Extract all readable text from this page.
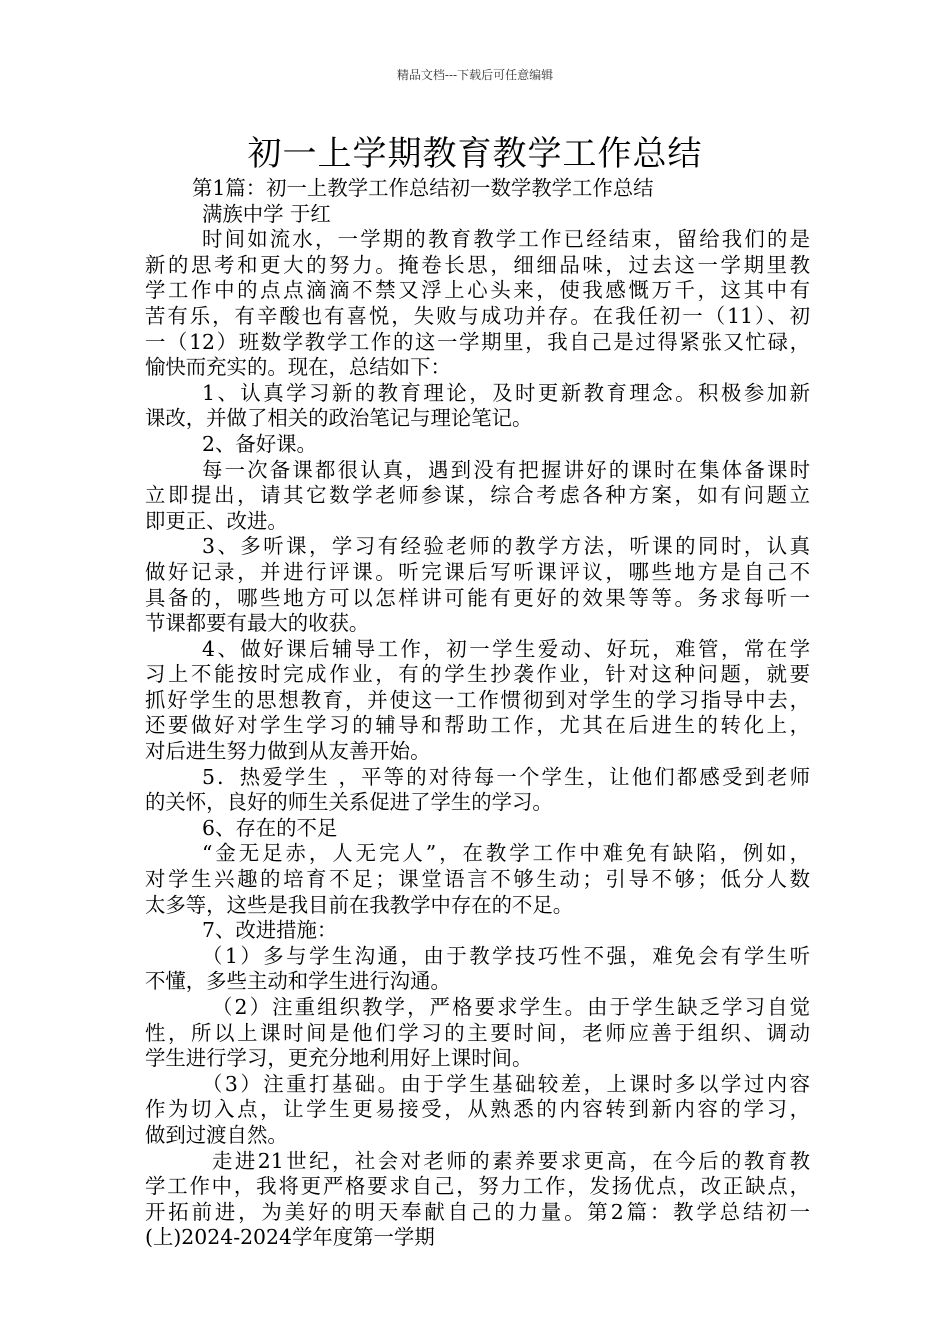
精品文档---下载后可任意编辑
初一上学期教育教学工作总结
第1篇：初一上教学工作总结初一数学教学工作总结
满族中学 于红
时间如流水，一学期的教育教学工作已经结束，留给我们的是
新的思考和更大的努力。掩卷长思，细细品味，过去这一学期里教
学工作中的点点滴滴不禁又浮上心头来，使我感慨万千，这其中有
苦有乐，有辛酸也有喜悦，失败与成功并存。在我任初一（11）、初
一（12）班数学教学工作的这一学期里，我自己是过得紧张又忙碌，
愉快而充实的。现在，总结如下：
1、认真学习新的教育理论，及时更新教育理念。积极参加新
课改，并做了相关的政治笔记与理论笔记。
2、备好课。
每一次备课都很认真，遇到没有把握讲好的课时在集体备课时
立即提出，请其它数学老师参谋，综合考虑各种方案，如有问题立
即更正、改进。
3、多听课，学习有经验老师的教学方法，听课的同时，认真
做好记录，并进行评课。听完课后写听课评议，哪些地方是自己不
具备的，哪些地方可以怎样讲可能有更好的效果等等。务求每听一
节课都要有最大的收获。
4、做好课后辅导工作，初一学生爱动、好玩，难管，常在学
习上不能按时完成作业，有的学生抄袭作业，针对这种问题，就要
抓好学生的思想教育，并使这一工作惯彻到对学生的学习指导中去，
还要做好对学生学习的辅导和帮助工作，尤其在后进生的转化上，
对后进生努力做到从友善开始。
5．热爱学生 ，平等的对待每一个学生，让他们都感受到老师
的关怀，良好的师生关系促进了学生的学习。
6、存在的不足
“金无足赤，人无完人”，在教学工作中难免有缺陷，例如，
对学生兴趣的培育不足；课堂语言不够生动；引导不够；低分人数
太多等，这些是我目前在我教学中存在的不足。
7、改进措施：
（1）多与学生沟通，由于教学技巧性不强，难免会有学生听
不懂，多些主动和学生进行沟通。
（2）注重组织教学，严格要求学生。由于学生缺乏学习自觉
性，所以上课时间是他们学习的主要时间，老师应善于组织、调动
学生进行学习，更充分地利用好上课时间。
（3）注重打基础。由于学生基础较差，上课时多以学过内容
作为切入点，让学生更易接受，从熟悉的内容转到新内容的学习，
做到过渡自然。
走进21世纪，社会对老师的素养要求更高，在今后的教育教
学工作中，我将更严格要求自己，努力工作，发扬优点，改正缺点，
开拓前进，为美好的明天奉献自己的力量。第2篇：教学总结初一
(上)2024-2024学年度第一学期
